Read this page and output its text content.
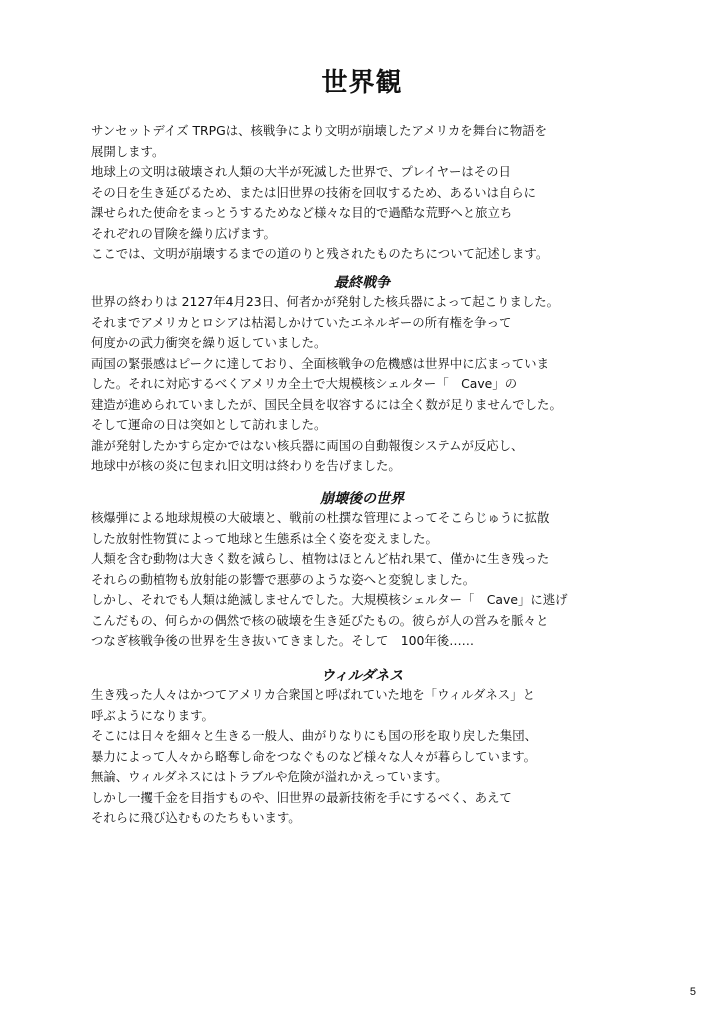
世界観

サンセットデイズ TRPGは、核戦争により文明が崩壊したアメリカを舞台に物語を

展開します。

地球上の文明は破壊され人類の大半が死滅した世界で、プレイヤーはその日

その日を生き延びるため、または旧世界の技術を回収するため、あるいは自らに

課せられた使命をまっとうするためなど様々な目的で過酷な荒野へと旅立ち

それぞれの冒険を繰り広げます。

ここでは、文明が崩壊するまでの道のりと残されたものたちについて記述します。

最終戦争

世界の終わりは 2127年4月23日、何者かが発射した核兵器によって起こりました。

それまでアメリカとロシアは枯渇しかけていたエネルギーの所有権を争って

何度かの武力衝突を繰り返していました。

両国の緊張感はピークに達しており、全面核戦争の危機感は世界中に広まっていま

した。それに対応するべくアメリカ全土で大規模核シェルター「　Cave」の

建造が進められていましたが、国民全員を収容するには全く数が足りませんでした。

そして運命の日は突如として訪れました。

誰が発射したかすら定かではない核兵器に両国の自動報復システムが反応し、

地球中が核の炎に包まれ旧文明は終わりを告げました。

崩壊後の世界

核爆弾による地球規模の大破壊と、戦前の杜撰な管理によってそこらじゅうに拡散

した放射性物質によって地球と生態系は全く姿を変えました。

人類を含む動物は大きく数を減らし、植物はほとんど枯れ果て、僅かに生き残った

それらの動植物も放射能の影響で悪夢のような姿へと変貌しました。

しかし、それでも人類は絶滅しませんでした。大規模核シェルター「　Cave」に逃げ

こんだもの、何らかの偶然で核の破壊を生き延びたもの。彼らが人の営みを脈々と

つなぎ核戦争後の世界を生き抜いてきました。そして　100年後……

ウィルダネス

生き残った人々はかつてアメリカ合衆国と呼ばれていた地を「ウィルダネス」と

呼ぶようになります。

そこには日々を細々と生きる一般人、曲がりなりにも国の形を取り戻した集団、

暴力によって人々から略奪し命をつなぐものなど様々な人々が暮らしています。

無論、ウィルダネスにはトラブルや危険が溢れかえっています。

しかし一攫千金を目指すものや、旧世界の最新技術を手にするべく、あえて

それらに飛び込むものたちもいます。

5
